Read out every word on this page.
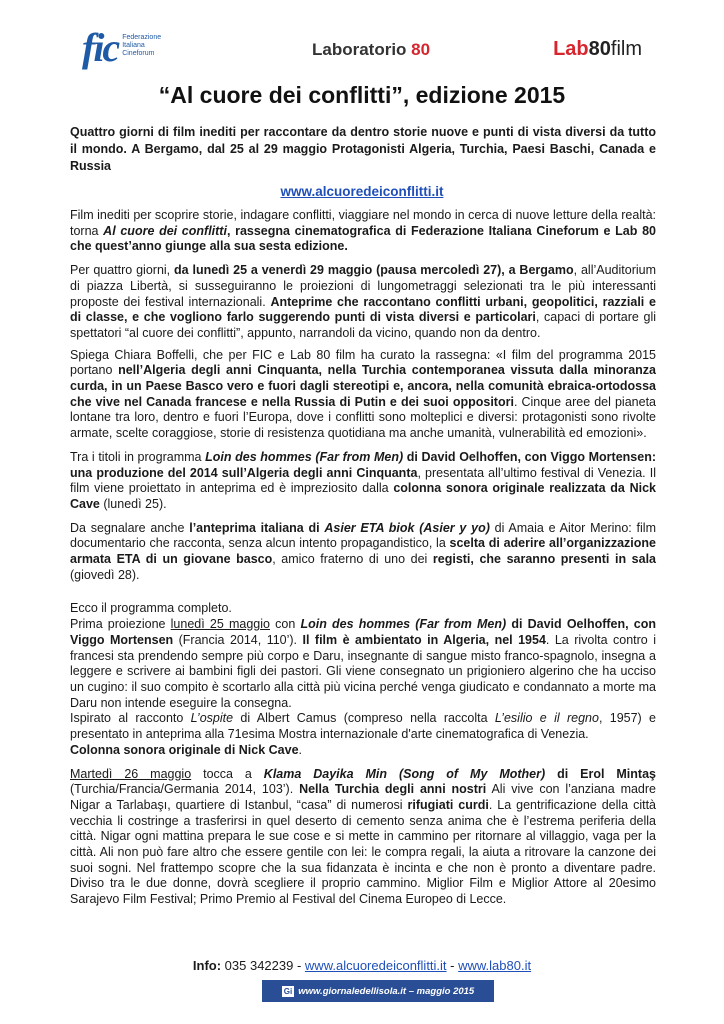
fic Federazione
Italiana
Cineforum	Laboratorio 80	Lab80film
“Al cuore dei conflitti”, edizione 2015
Quattro giorni di film inediti per raccontare da dentro storie nuove e punti di vista diversi da tutto il mondo. A Bergamo, dal 25 al 29 maggio Protagonisti Algeria, Turchia, Paesi Baschi, Canada e Russia
www.alcuoredeiconflitti.it

Film inediti per scoprire storie, indagare conflitti, viaggiare nel mondo in cerca di nuove letture della realtà: torna Al cuore dei conflitti, rassegna cinematografica di Federazione Italiana Cineforum e Lab 80 che quest’anno giunge alla sua sesta edizione.

Per quattro giorni, da lunedì 25 a venerdì 29 maggio (pausa mercoledì 27), a Bergamo, all’Auditorium di piazza Libertà, si susseguiranno le proiezioni di lungometraggi selezionati tra le più interessanti proposte dei festival internazionali. Anteprime che raccontano conflitti urbani, geopolitici, razziali e di classe, e che vogliono farlo suggerendo punti di vista diversi e particolari, capaci di portare gli spettatori “al cuore dei conflitti”, appunto, narrandoli da vicino, quando non da dentro.

Spiega Chiara Boffelli, che per FIC e Lab 80 film ha curato la rassegna: «I film del programma 2015 portano nell’Algeria degli anni Cinquanta, nella Turchia contemporanea vissuta dalla minoranza curda, in un Paese Basco vero e fuori dagli stereotipi e, ancora, nella comunità ebraica-ortodossa che vive nel Canada francese e nella Russia di Putin e dei suoi oppositori. Cinque aree del pianeta lontane tra loro, dentro e fuori l’Europa, dove i conflitti sono molteplici e diversi: protagonisti sono rivolte armate, scelte coraggiose, storie di resistenza quotidiana ma anche umanità, vulnerabilità ed emozioni».

Tra i titoli in programma Loin des hommes (Far from Men) di David Oelhoffen, con Viggo Mortensen: una produzione del 2014 sull’Algeria degli anni Cinquanta, presentata all’ultimo festival di Venezia. Il film viene proiettato in anteprima ed è impreziosito dalla colonna sonora originale realizzata da Nick Cave (lunedì 25).

Da segnalare anche l’anteprima italiana di Asier ETA biok (Asier y yo) di Amaia e Aitor Merino: film documentario che racconta, senza alcun intento propagandistico, la scelta di aderire all’organizzazione armata ETA di un giovane basco, amico fraterno di uno dei registi, che saranno presenti in sala (giovedì 28).

Ecco il programma completo.

Prima proiezione lunedì 25 maggio con Loin des hommes (Far from Men) di David Oelhoffen, con Viggo Mortensen (Francia 2014, 110’). Il film è ambientato in Algeria, nel 1954. La rivolta contro i francesi sta prendendo sempre più corpo e Daru, insegnante di sangue misto franco-spagnolo, insegna a leggere e scrivere ai bambini figli dei pastori. Gli viene consegnato un prigioniero algerino che ha ucciso un cugino: il suo compito è scortarlo alla città più vicina perché venga giudicato e condannato a morte ma Daru non intende eseguire la consegna.

Ispirato al racconto L’ospite di Albert Camus (compreso nella raccolta L’esilio e il regno, 1957) e presentato in anteprima alla 71esima Mostra internazionale d'arte cinematografica di Venezia.

Colonna sonora originale di Nick Cave.

Martedì 26 maggio tocca a Klama Dayika Min (Song of My Mother) di Erol Mintaş (Turchia/Francia/Germania 2014, 103’). Nella Turchia degli anni nostri Ali vive con l’anziana madre Nigar a Tarlabaşı, quartiere di Istanbul, “casa” di numerosi rifugiati curdi. La gentrificazione della città vecchia li costringe a trasferirsi in quel deserto di cemento senza anima che è l’estrema periferia della città. Nigar ogni mattina prepara le sue cose e si mette in cammino per ritornare al villaggio, vaga per la città. Ali non può fare altro che essere gentile con lei: le compra regali, la aiuta a ritrovare la canzone dei suoi sogni. Nel frattempo scopre che la sua fidanzata è incinta e che non è pronto a diventare padre. Diviso tra le due donne, dovrà scegliere il proprio cammino. Miglior Film e Miglior Attore al 20esimo Sarajevo Film Festival; Primo Premio al Festival del Cinema Europeo di Lecce.

Info: 035 342239 - www.alcuoredeiconflitti.it - www.lab80.it
Gi www.giornaledellisola.it – maggio 2015
